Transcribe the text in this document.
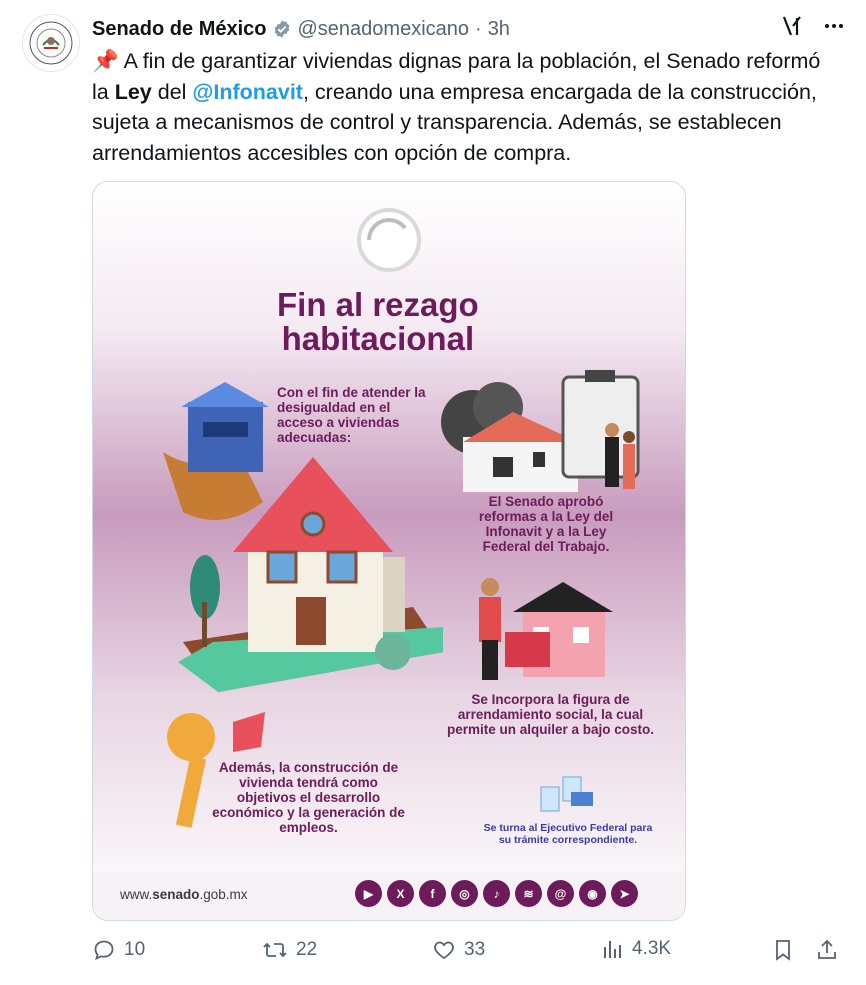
Senado de México @senadomexicano · 3h
📌 A fin de garantizar viviendas dignas para la población, el Senado reformó la Ley del @Infonavit, creando una empresa encargada de la construcción, sujeta a mecanismos de control y transparencia. Además, se establecen arrendamientos accesibles con opción de compra.
Fin al rezago
habitacional
Con el fin de atender la desigualdad en el acceso a viviendas adecuadas:
El Senado aprobó reformas a la Ley del Infonavit y a la Ley Federal del Trabajo.
Se Incorpora la figura de arrendamiento social, la cual permite un alquiler a bajo costo.
Además, la construcción de vivienda tendrá como objetivos el desarrollo económico y la generación de empleos.	Se turna al Ejecutivo Federal para su trámite correspondiente.
www.senado.gob.mx	▶	X	f	◎	♪	≋	@	◉	➤
10	22	33	4.3K
